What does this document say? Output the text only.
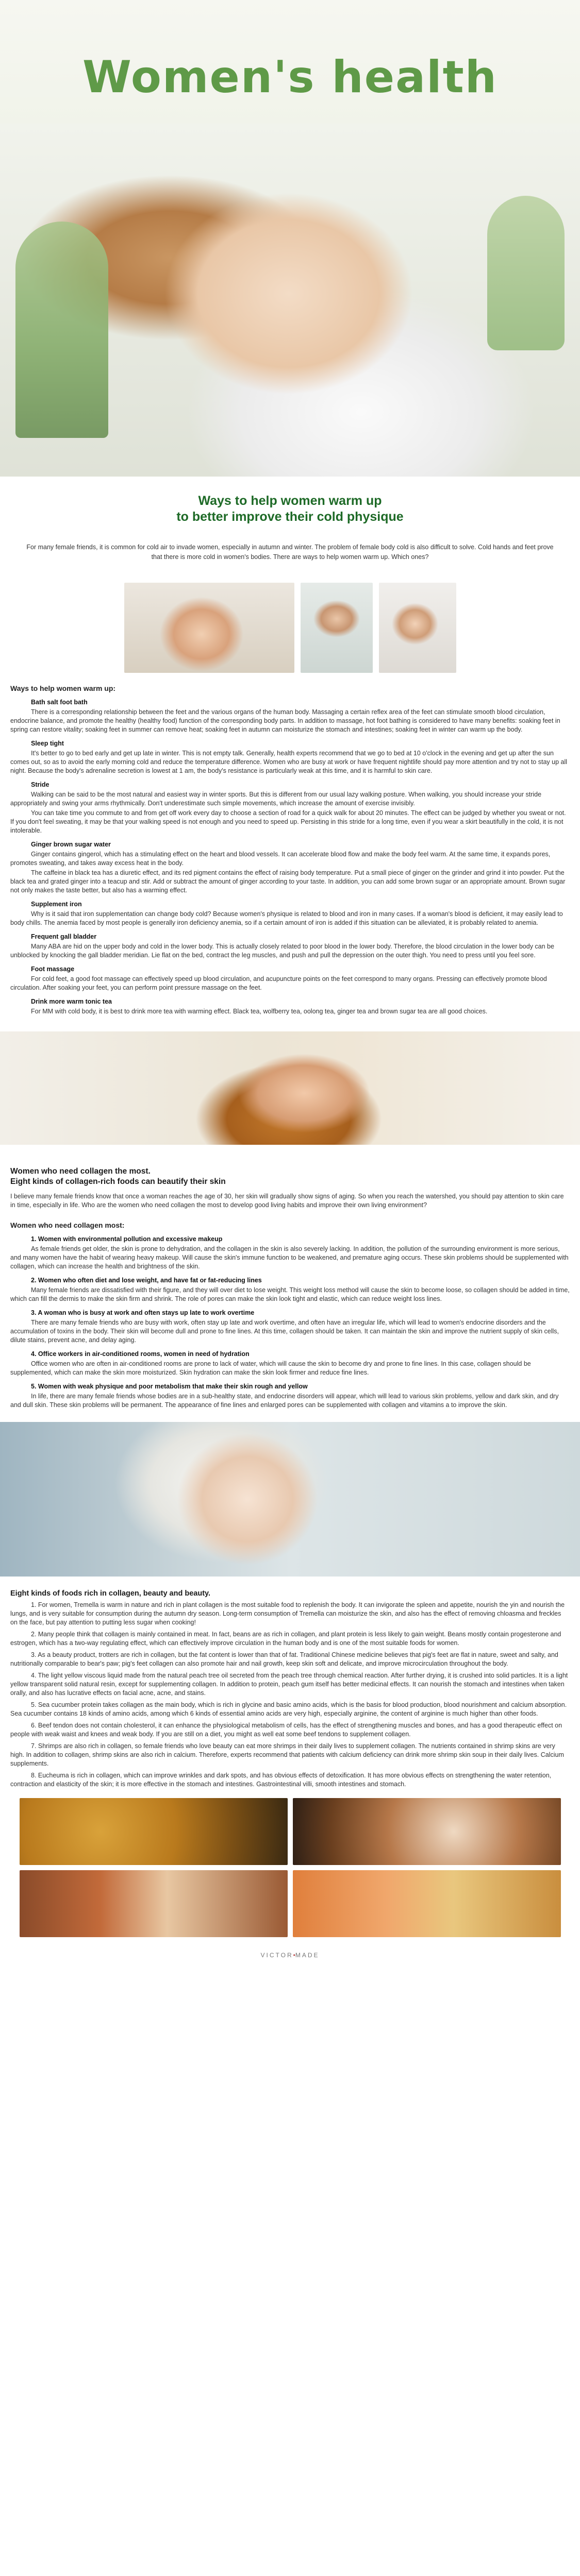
Women's health

Ways to help women warm up

to better improve their cold physique

For many female friends, it is common for cold air to invade women, especially in autumn and winter. The problem of female body cold is also difficult to solve. Cold hands and feet prove that there is more cold in women's bodies. There are ways to help women warm up. Which ones?

Ways to help women warm up:
Bath salt foot bath

There is a corresponding relationship between the feet and the various organs of the human body. Massaging a certain reflex area of the feet can stimulate smooth blood circulation, endocrine balance, and promote the healthy (healthy food) function of the corresponding body parts. In addition to massage, hot foot bathing is considered to have many benefits: soaking feet in spring can restore vitality; soaking feet in summer can remove heat; soaking feet in autumn can moisturize the stomach and intestines; soaking feet in winter can warm up the body.

Sleep tight

It's better to go to bed early and get up late in winter. This is not empty talk. Generally, health experts recommend that we go to bed at 10 o'clock in the evening and get up after the sun comes out, so as to avoid the early morning cold and reduce the temperature difference. Women who are busy at work or have frequent nightlife should pay more attention and try not to stay up all night. Because the body's adrenaline secretion is lowest at 1 am, the body's resistance is particularly weak at this time, and it is harmful to skin care.

Stride

Walking can be said to be the most natural and easiest way in winter sports. But this is different from our usual lazy walking posture. When walking, you should increase your stride appropriately and swing your arms rhythmically. Don't underestimate such simple movements, which increase the amount of exercise invisibly.

You can take time you commute to and from get off work every day to choose a section of road for a quick walk for about 20 minutes. The effect can be judged by whether you sweat or not. If you don't feel sweating, it may be that your walking speed is not enough and you need to speed up. Persisting in this stride for a long time, even if you wear a skirt beautifully in the cold, it is not intolerable.

Ginger brown sugar water

Ginger contains gingerol, which has a stimulating effect on the heart and blood vessels. It can accelerate blood flow and make the body feel warm. At the same time, it expands pores, promotes sweating, and takes away excess heat in the body.

The caffeine in black tea has a diuretic effect, and its red pigment contains the effect of raising body temperature. Put a small piece of ginger on the grinder and grind it into powder. Put the black tea and grated ginger into a teacup and stir. Add or subtract the amount of ginger according to your taste. In addition, you can add some brown sugar or an appropriate amount. Brown sugar not only makes the taste better, but also has a warming effect.

Supplement iron

Why is it said that iron supplementation can change body cold? Because women's physique is related to blood and iron in many cases. If a woman's blood is deficient, it may easily lead to body chills. The anemia faced by most people is generally iron deficiency anemia, so if a certain amount of iron is added if this situation can be alleviated, it is probably related to anemia.

Frequent gall bladder

Many ABA are hid on the upper body and cold in the lower body. This is actually closely related to poor blood in the lower body. Therefore, the blood circulation in the lower body can be unblocked by knocking the gall bladder meridian. Lie flat on the bed, contract the leg muscles, and push and pull the depression on the outer thigh. You need to press until you feel sore.

Foot massage

For cold feet, a good foot massage can effectively speed up blood circulation, and acupuncture points on the feet correspond to many organs. Pressing can effectively promote blood circulation. After soaking your feet, you can perform point pressure massage on the feet.

Drink more warm tonic tea

For MM with cold body, it is best to drink more tea with warming effect. Black tea, wolfberry tea, oolong tea, ginger tea and brown sugar tea are all good choices.

Women who need collagen the most.
Eight kinds of collagen-rich foods can beautify their skin

I believe many female friends know that once a woman reaches the age of 30, her skin will gradually show signs of aging. So when you reach the watershed, you should pay attention to skin care in time, especially in life. Who are the women who need collagen the most to develop good living habits and improve their own living environment?

Women who need collagen most:
1. Women with environmental pollution and excessive makeup

As female friends get older, the skin is prone to dehydration, and the collagen in the skin is also severely lacking. In addition, the pollution of the surrounding environment is more serious, and many women have the habit of wearing heavy makeup. Will cause the skin's immune function to be weakened, and premature aging occurs. These skin problems should be supplemented with collagen, which can increase the health and brightness of the skin.

2. Women who often diet and lose weight, and have fat or fat-reducing lines

Many female friends are dissatisfied with their figure, and they will over diet to lose weight. This weight loss method will cause the skin to become loose, so collagen should be added in time, which can fill the dermis to make the skin firm and shrink. The role of pores can make the skin look tight and elastic, which can reduce weight loss lines.

3. A woman who is busy at work and often stays up late to work overtime

There are many female friends who are busy with work, often stay up late and work overtime, and often have an irregular life, which will lead to women's endocrine disorders and the accumulation of toxins in the body. Their skin will become dull and prone to fine lines. At this time, collagen should be taken. It can maintain the skin and improve the nutrient supply of skin cells, dilute stains, prevent acne, and delay aging.

4. Office workers in air-conditioned rooms, women in need of hydration

Office women who are often in air-conditioned rooms are prone to lack of water, which will cause the skin to become dry and prone to fine lines. In this case, collagen should be supplemented, which can make the skin more moisturized. Skin hydration can make the skin look firmer and reduce fine lines.

5. Women with weak physique and poor metabolism that make their skin rough and yellow

In life, there are many female friends whose bodies are in a sub-healthy state, and endocrine disorders will appear, which will lead to various skin problems, yellow and dark skin, and dry and dull skin. These skin problems will be permanent. The appearance of fine lines and enlarged pores can be supplemented with collagen and vitamins a to improve the skin.

Eight kinds of foods rich in collagen, beauty and beauty.

1. For women, Tremella is warm in nature and rich in plant collagen is the most suitable food to replenish the body. It can invigorate the spleen and appetite, nourish the yin and nourish the lungs, and is very suitable for consumption during the autumn dry season. Long-term consumption of Tremella can moisturize the skin, and also has the effect of removing chloasma and freckles on the face, but pay attention to putting less sugar when cooking!

2. Many people think that collagen is mainly contained in meat. In fact, beans are as rich in collagen, and plant protein is less likely to gain weight. Beans mostly contain progesterone and estrogen, which has a two-way regulating effect, which can effectively improve circulation in the human body and is one of the most suitable foods for women.

3. As a beauty product, trotters are rich in collagen, but the fat content is lower than that of fat. Traditional Chinese medicine believes that pig's feet are flat in nature, sweet and salty, and nutritionally comparable to bear's paw; pig's feet collagen can also promote hair and nail growth, keep skin soft and delicate, and improve microcirculation throughout the body.

4. The light yellow viscous liquid made from the natural peach tree oil secreted from the peach tree through chemical reaction. After further drying, it is crushed into solid particles. It is a light yellow transparent solid natural resin, except for supplementing collagen. In addition to protein, peach gum itself has better medicinal effects. It can nourish the stomach and intestines when taken orally, and also has lucrative effects on facial acne, acne, and stains.

5. Sea cucumber protein takes collagen as the main body, which is rich in glycine and basic amino acids, which is the basis for blood production, blood nourishment and calcium absorption. Sea cucumber contains 18 kinds of amino acids, among which 6 kinds of essential amino acids are very high, especially arginine, the content of arginine is much higher than other foods.

6. Beef tendon does not contain cholesterol, it can enhance the physiological metabolism of cells, has the effect of strengthening muscles and bones, and has a good therapeutic effect on people with weak waist and knees and weak body. If you are still on a diet, you might as well eat some beef tendons to supplement collagen.

7. Shrimps are also rich in collagen, so female friends who love beauty can eat more shrimps in their daily lives to supplement collagen. The nutrients contained in shrimp skins are very high. In addition to collagen, shrimp skins are also rich in calcium. Therefore, experts recommend that patients with calcium deficiency can drink more shrimp skin soup in their daily lives. Calcium supplements.

8. Eucheuma is rich in collagen, which can improve wrinkles and dark spots, and has obvious effects of detoxification. It has more obvious effects on strengthening the water retention, contraction and elasticity of the skin; it is more effective in the stomach and intestines. Gastrointestinal villi, smooth intestines and stomach.

VICTOR•MADE
